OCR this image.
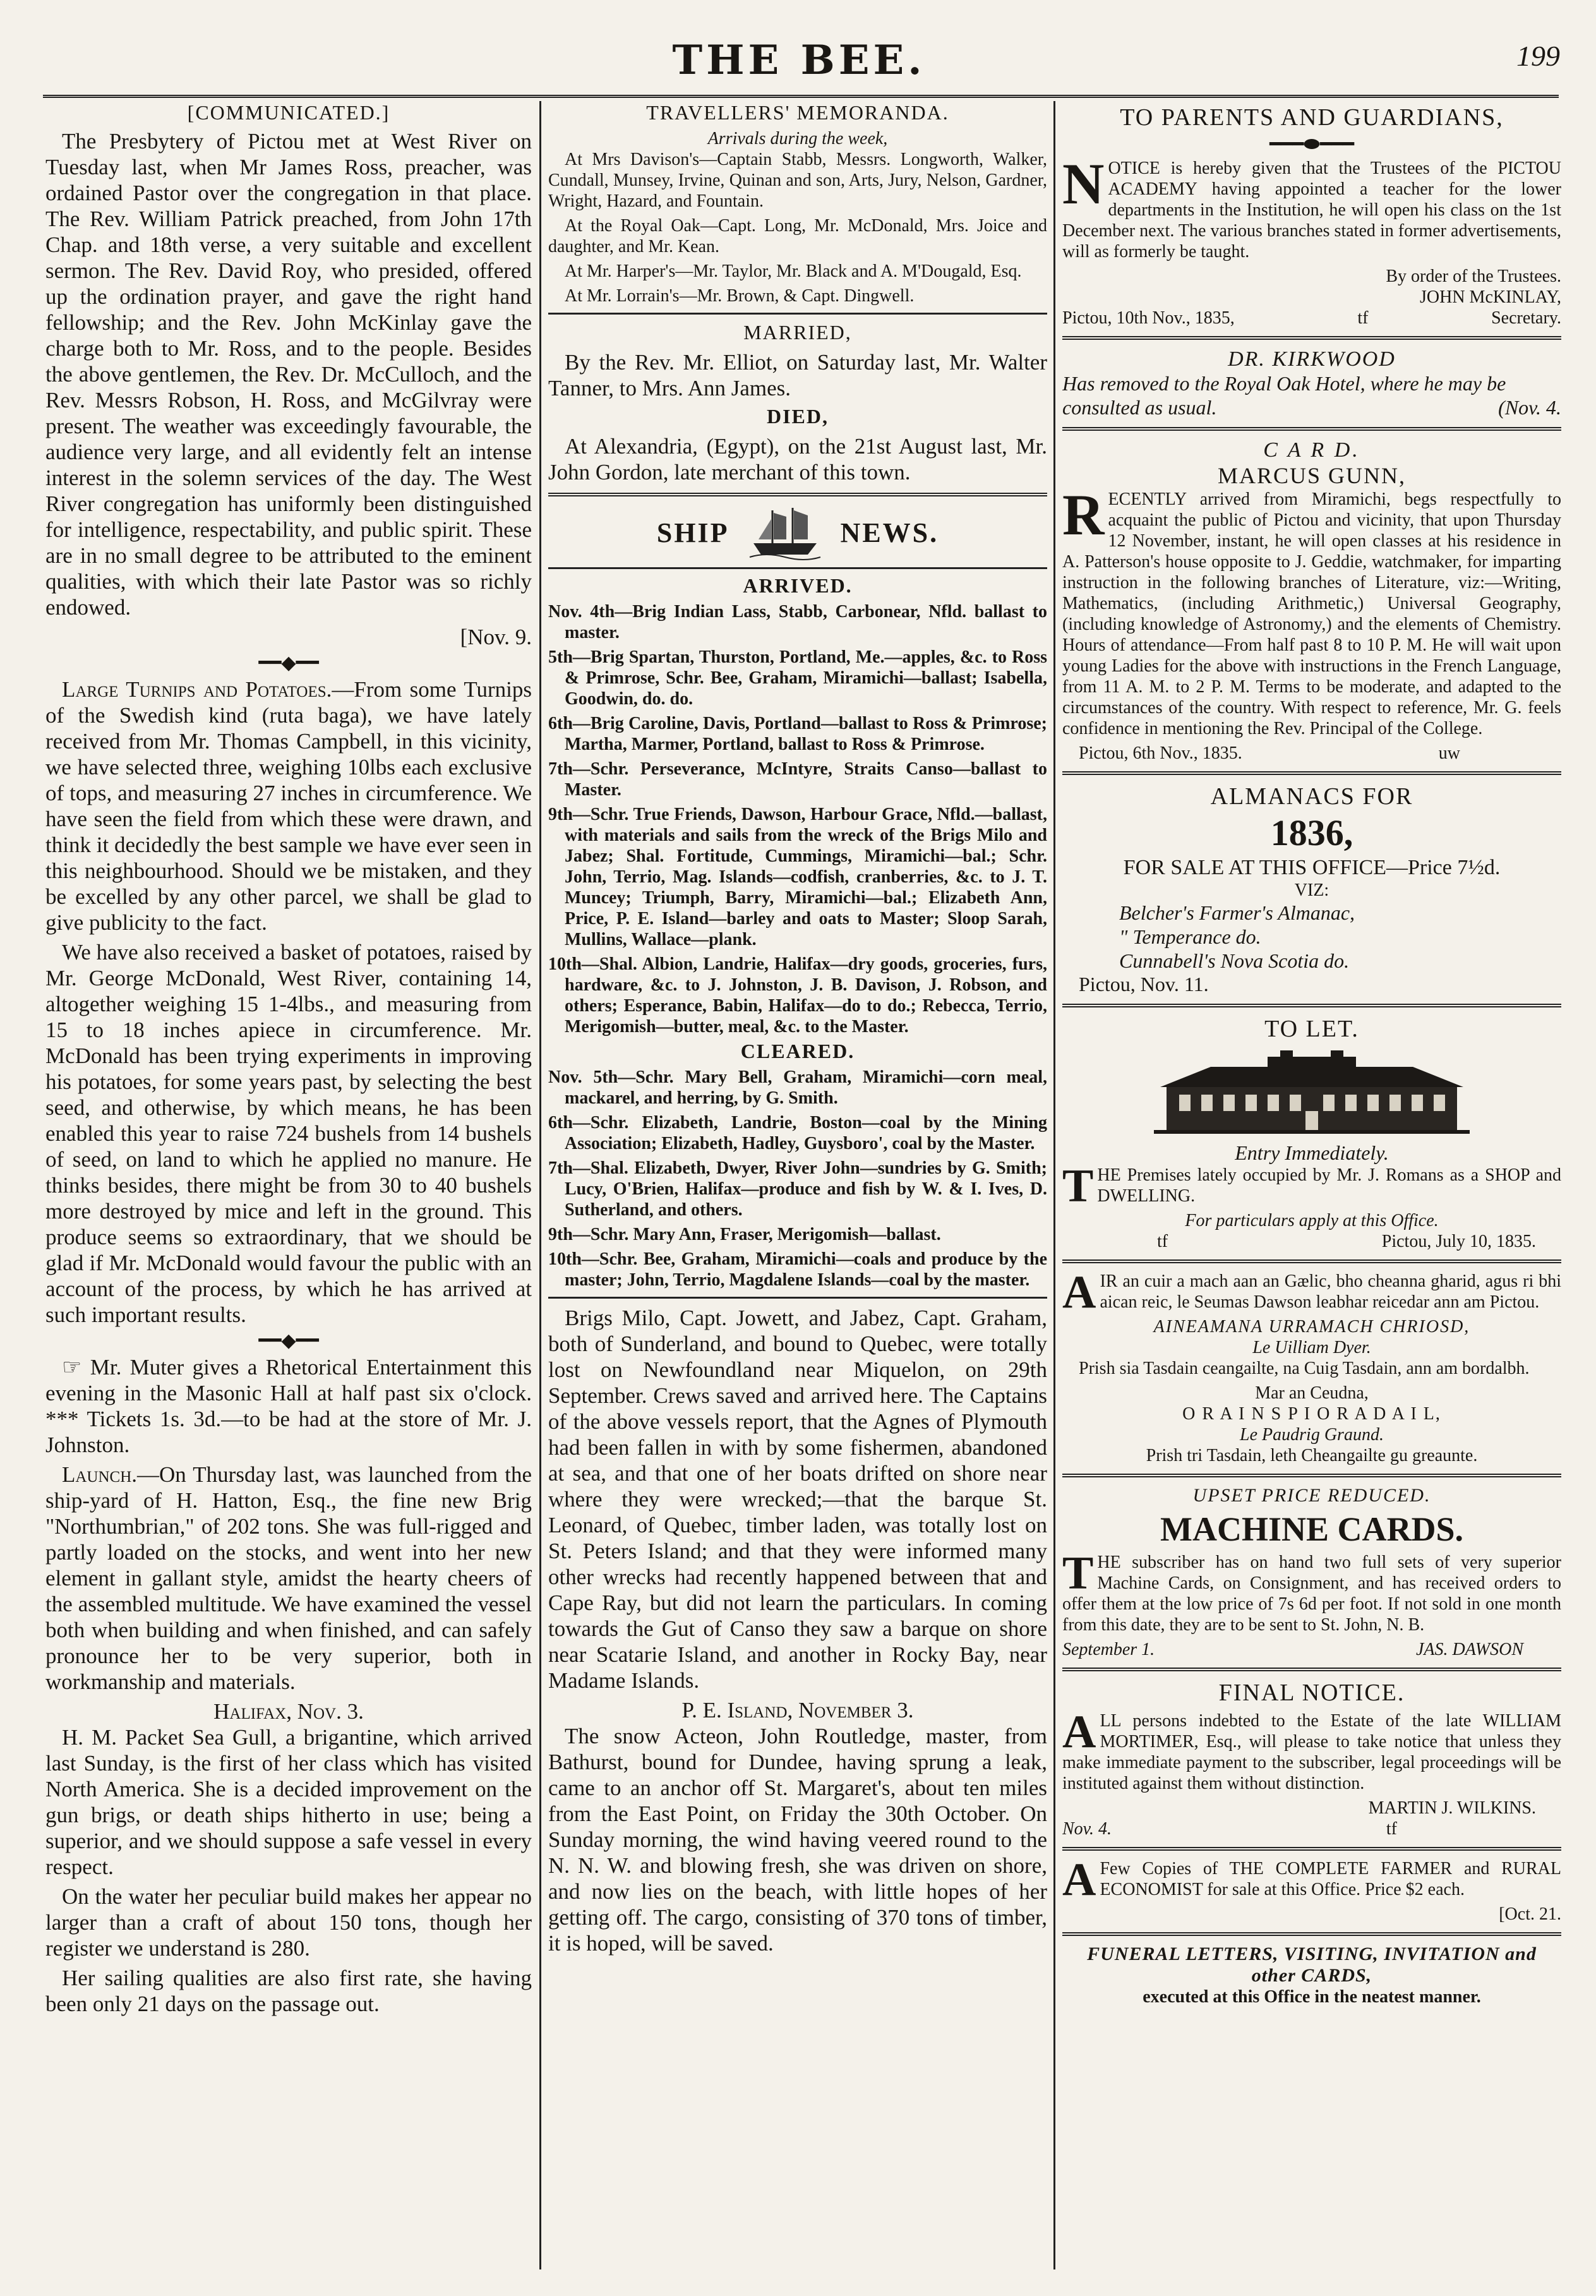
THE BEE.	199
[COMMUNICATED.]

The Presbytery of Pictou met at West River on Tuesday last, when Mr James Ross, preacher, was ordained Pastor over the congregation in that place. The Rev. William Patrick preached, from John 17th Chap. and 18th verse, a very suitable and excellent sermon. The Rev. David Roy, who presided, offered up the ordination prayer, and gave the right hand fellowship; and the Rev. John McKinlay gave the charge both to Mr. Ross, and to the people. Besides the above gentlemen, the Rev. Dr. McCulloch, and the Rev. Messrs Robson, H. Ross, and McGilvray were present. The weather was exceedingly favourable, the audience very large, and all evidently felt an intense interest in the solemn services of the day. The West River congregation has uniformly been distinguished for intelligence, respectability, and public spirit. These are in no small degree to be attributed to the eminent qualities, with which their late Pastor was so richly endowed.

[Nov. 9.
━━◆━━

Large Turnips and Potatoes.—From some Turnips of the Swedish kind (ruta baga), we have lately received from Mr. Thomas Campbell, in this vicinity, we have selected three, weighing 10lbs each exclusive of tops, and measuring 27 inches in circumference. We have seen the field from which these were drawn, and think it decidedly the best sample we have ever seen in this neighbourhood. Should we be mistaken, and they be excelled by any other parcel, we shall be glad to give publicity to the fact.

We have also received a basket of potatoes, raised by Mr. George McDonald, West River, containing 14, altogether weighing 15 1-4lbs., and measuring from 15 to 18 inches apiece in circumference. Mr. McDonald has been trying experiments in improving his potatoes, for some years past, by selecting the best seed, and otherwise, by which means, he has been enabled this year to raise 724 bushels from 14 bushels of seed, on land to which he applied no manure. He thinks besides, there might be from 30 to 40 bushels more destroyed by mice and left in the ground. This produce seems so extraordinary, that we should be glad if Mr. McDonald would favour the public with an account of the process, by which he has arrived at such important results.

━━◆━━

☞ Mr. Muter gives a Rhetorical Entertainment this evening in the Masonic Hall at half past six o'clock. *** Tickets 1s. 3d.—to be had at the store of Mr. J. Johnston.

Launch.—On Thursday last, was launched from the ship-yard of H. Hatton, Esq., the fine new Brig "Northumbrian," of 202 tons. She was full-rigged and partly loaded on the stocks, and went into her new element in gallant style, amidst the hearty cheers of the assembled multitude. We have examined the vessel both when building and when finished, and can safely pronounce her to be very superior, both in workmanship and materials.

Halifax, Nov. 3.

H. M. Packet Sea Gull, a brigantine, which arrived last Sunday, is the first of her class which has visited North America. She is a decided improvement on the gun brigs, or death ships hitherto in use; being a superior, and we should suppose a safe vessel in every respect.

On the water her peculiar build makes her appear no larger than a craft of about 150 tons, though her register we understand is 280.

Her sailing qualities are also first rate, she having been only 21 days on the passage out.

TRAVELLERS' MEMORANDA.
Arrivals during the week,

At Mrs Davison's—Captain Stabb, Messrs. Longworth, Walker, Cundall, Munsey, Irvine, Quinan and son, Arts, Jury, Nelson, Gardner, Wright, Hazard, and Fountain.

At the Royal Oak—Capt. Long, Mr. McDonald, Mrs. Joice and daughter, and Mr. Kean.

At Mr. Harper's—Mr. Taylor, Mr. Black and A. M'Dougald, Esq.

At Mr. Lorrain's—Mr. Brown, & Capt. Dingwell.

MARRIED,

By the Rev. Mr. Elliot, on Saturday last, Mr. Walter Tanner, to Mrs. Ann James.

DIED,

At Alexandria, (Egypt), on the 21st August last, Mr. John Gordon, late merchant of this town.

SHIP	NEWS.
ARRIVED.

Nov. 4th—Brig Indian Lass, Stabb, Carbonear, Nfld. ballast to master.

5th—Brig Spartan, Thurston, Portland, Me.—apples, &c. to Ross & Primrose, Schr. Bee, Graham, Miramichi—ballast; Isabella, Goodwin, do. do.

6th—Brig Caroline, Davis, Portland—ballast to Ross & Primrose; Martha, Marmer, Portland, ballast to Ross & Primrose.

7th—Schr. Perseverance, McIntyre, Straits Canso—ballast to Master.

9th—Schr. True Friends, Dawson, Harbour Grace, Nfld.—ballast, with materials and sails from the wreck of the Brigs Milo and Jabez; Shal. Fortitude, Cummings, Miramichi—bal.; Schr. John, Terrio, Mag. Islands—codfish, cranberries, &c. to J. T. Muncey; Triumph, Barry, Miramichi—bal.; Elizabeth Ann, Price, P. E. Island—barley and oats to Master; Sloop Sarah, Mullins, Wallace—plank.

10th—Shal. Albion, Landrie, Halifax—dry goods, groceries, furs, hardware, &c. to J. Johnston, J. B. Davison, J. Robson, and others; Esperance, Babin, Halifax—do to do.; Rebecca, Terrio, Merigomish—butter, meal, &c. to the Master.

CLEARED.

Nov. 5th—Schr. Mary Bell, Graham, Miramichi—corn meal, mackarel, and herring, by G. Smith.

6th—Schr. Elizabeth, Landrie, Boston—coal by the Mining Association; Elizabeth, Hadley, Guysboro', coal by the Master.

7th—Shal. Elizabeth, Dwyer, River John—sundries by G. Smith; Lucy, O'Brien, Halifax—produce and fish by W. & I. Ives, D. Sutherland, and others.

9th—Schr. Mary Ann, Fraser, Merigomish—ballast.

10th—Schr. Bee, Graham, Miramichi—coals and produce by the master; John, Terrio, Magdalene Islands—coal by the master.

Brigs Milo, Capt. Jowett, and Jabez, Capt. Graham, both of Sunderland, and bound to Quebec, were totally lost on Newfoundland near Miquelon, on 29th September. Crews saved and arrived here. The Captains of the above vessels report, that the Agnes of Plymouth had been fallen in with by some fishermen, abandoned at sea, and that one of her boats drifted on shore near where they were wrecked;—that the barque St. Leonard, of Quebec, timber laden, was totally lost on St. Peters Island; and that they were informed many other wrecks had recently happened between that and Cape Ray, but did not learn the particulars. In coming towards the Gut of Canso they saw a barque on shore near Scatarie Island, and another in Rocky Bay, near Madame Islands.

P. E. Island, November 3.

The snow Acteon, John Routledge, master, from Bathurst, bound for Dundee, having sprung a leak, came to an anchor off St. Margaret's, about ten miles from the East Point, on Friday the 30th October. On Sunday morning, the wind having veered round to the N. N. W. and blowing fresh, she was driven on shore, and now lies on the beach, with little hopes of her getting off. The cargo, consisting of 370 tons of timber, it is hoped, will be saved.

TO PARENTS AND GUARDIANS,
━━━⬬━━━
N OTICE is hereby given that the Trustees of the PICTOU ACADEMY having appointed a teacher for the lower departments in the Institution, he will open his class on the 1st December next. The various branches stated in former advertisements, will as formerly be taught.

By order of the Trustees.
JOHN McKINLAY,
Pictou, 10th Nov., 1835,	tf	Secretary.
DR. KIRKWOOD
Has removed to the Royal Oak Hotel, where he may be consulted as usual.	(Nov. 4.
C A R D.
MARCUS GUNN,
R ECENTLY arrived from Miramichi, begs respectfully to acquaint the public of Pictou and vicinity, that upon Thursday 12 November, instant, he will open classes at his residence in A. Patterson's house opposite to J. Geddie, watchmaker, for imparting instruction in the following branches of Literature, viz:—Writing, Mathematics, (including Arithmetic,) Universal Geography, (including knowledge of Astronomy,) and the elements of Chemistry. Hours of attendance—From half past 8 to 10 P. M. He will wait upon young Ladies for the above with instructions in the French Language, from 11 A. M. to 2 P. M. Terms to be moderate, and adapted to the circumstances of the country. With respect to reference, Mr. G. feels confidence in mentioning the Rev. Principal of the College.

Pictou, 6th Nov., 1835.	uw
ALMANACS FOR
1836,
FOR SALE AT THIS OFFICE—Price 7½d.
VIZ:
Belcher's Farmer's Almanac,
" Temperance do.
Cunnabell's Nova Scotia do.
Pictou, Nov. 11.
TO LET.
Entry Immediately.
T HE Premises lately occupied by Mr. J. Romans as a SHOP and DWELLING.

For particulars apply at this Office.
tf	Pictou, July 10, 1835.
A IR an cuir a mach aan an Gælic, bho cheanna gharid, agus ri bhi aican reic, le Seumas Dawson leabhar reicedar ann am Pictou.

AINEAMANA URRAMACH CHRIOSD,
Le Uilliam Dyer.

Prish sia Tasdain ceangailte, na Cuig Tasdain, ann am bordalbh.

Mar an Ceudna,
O R A I N S P I O R A D A I L,
Le Paudrig Graund.
Prish tri Tasdain, leth Cheangailte gu greaunte.
UPSET PRICE REDUCED.
MACHINE CARDS.
T HE subscriber has on hand two full sets of very superior Machine Cards, on Consignment, and has received orders to offer them at the low price of 7s 6d per foot. If not sold in one month from this date, they are to be sent to St. John, N. B.

September 1.	JAS. DAWSON
FINAL NOTICE.
A LL persons indebted to the Estate of the late WILLIAM MORTIMER, Esq., will please to take notice that unless they make immediate payment to the subscriber, legal proceedings will be instituted against them without distinction.

MARTIN J. WILKINS.
Nov. 4.	tf
A Few Copies of THE COMPLETE FARMER and RURAL ECONOMIST for sale at this Office. Price $2 each.

[Oct. 21.
FUNERAL LETTERS, VISITING, INVITATION and other CARDS,
executed at this Office in the neatest manner.
